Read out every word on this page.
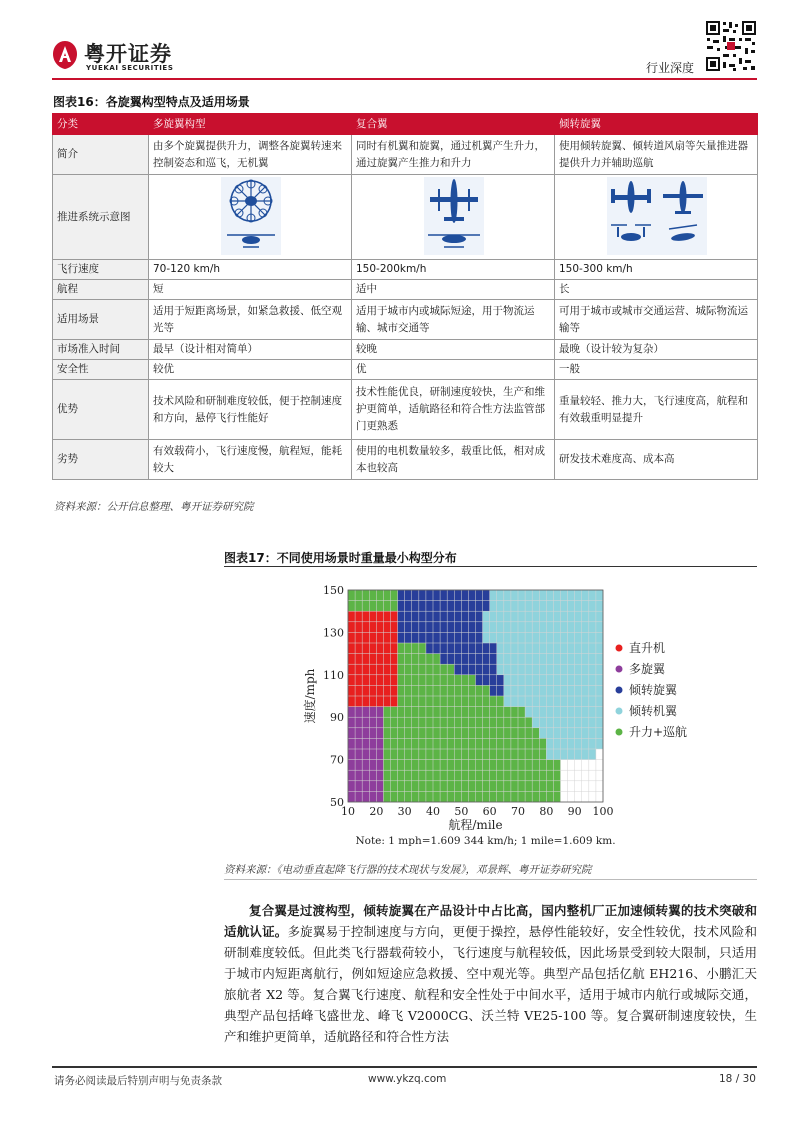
粤开证券
YUEKAI SECURITIES	行业深度
图表16：各旋翼构型特点及适用场景
分类	多旋翼构型	复合翼	倾转旋翼
简介	由多个旋翼提供升力，调整各旋翼转速来控制姿态和巡飞，无机翼	同时有机翼和旋翼，通过机翼产生升力，通过旋翼产生推力和升力	使用倾转旋翼、倾转道风扇等矢量推进器提供升力并辅助巡航
推进系统示意图	

飞行速度	70-120 km/h	150-200km/h	150-300 km/h
航程	短	适中	长
适用场景	适用于短距离场景，如紧急救援、低空观光等	适用于城市内或城际短途，用于物流运输、城市交通等	可用于城市或城市交通运营、城际物流运输等
市场准入时间	最早（设计相对简单）	较晚	最晚（设计较为复杂）
安全性	较优	优	一般
优势	技术风险和研制难度较低，便于控制速度和方向，悬停飞行性能好	技术性能优良，研制速度较快，生产和维护更简单，适航路径和符合性方法监管部门更熟悉	重量较轻、推力大，飞行速度高，航程和有效载重明显提升
劣势	有效载荷小，飞行速度慢，航程短，能耗较大	使用的电机数量较多，载重比低，相对成本也较高	研发技术难度高、成本高
资料来源：公开信息整理、粤开证券研究院
图表17：不同使用场景时重量最小构型分布
10 20 30 40 50 60 70 80 90 100
50
70
90
110
130
150
航程/mile
速度/mph
Note: 1 mph=1.609 344 km/h; 1 mile=1.609 km.
直升机
多旋翼
倾转旋翼
倾转机翼
升力+巡航
资料来源：《电动垂直起降飞行器的技术现状与发展》，邓景辉、粤开证券研究院
复合翼是过渡构型，倾转旋翼在产品设计中占比高，国内整机厂正加速倾转翼的技术突破和适航认证。多旋翼易于控制速度与方向，更便于操控，悬停性能较好，安全性较优，技术风险和研制难度较低。但此类飞行器载荷较小，飞行速度与航程较低，因此场景受到较大限制，只适用于城市内短距离航行，例如短途应急救援、空中观光等。典型产品包括亿航 EH216、小鹏汇天旅航者 X2 等。复合翼飞行速度、航程和安全性处于中间水平，适用于城市内航行或城际交通，典型产品包括峰飞盛世龙、峰飞 V2000CG、沃兰特 VE25-100 等。复合翼研制速度较快，生产和维护更简单，适航路径和符合性方法
请务必阅读最后特别声明与免责条款	www.ykzq.com	18 / 30
